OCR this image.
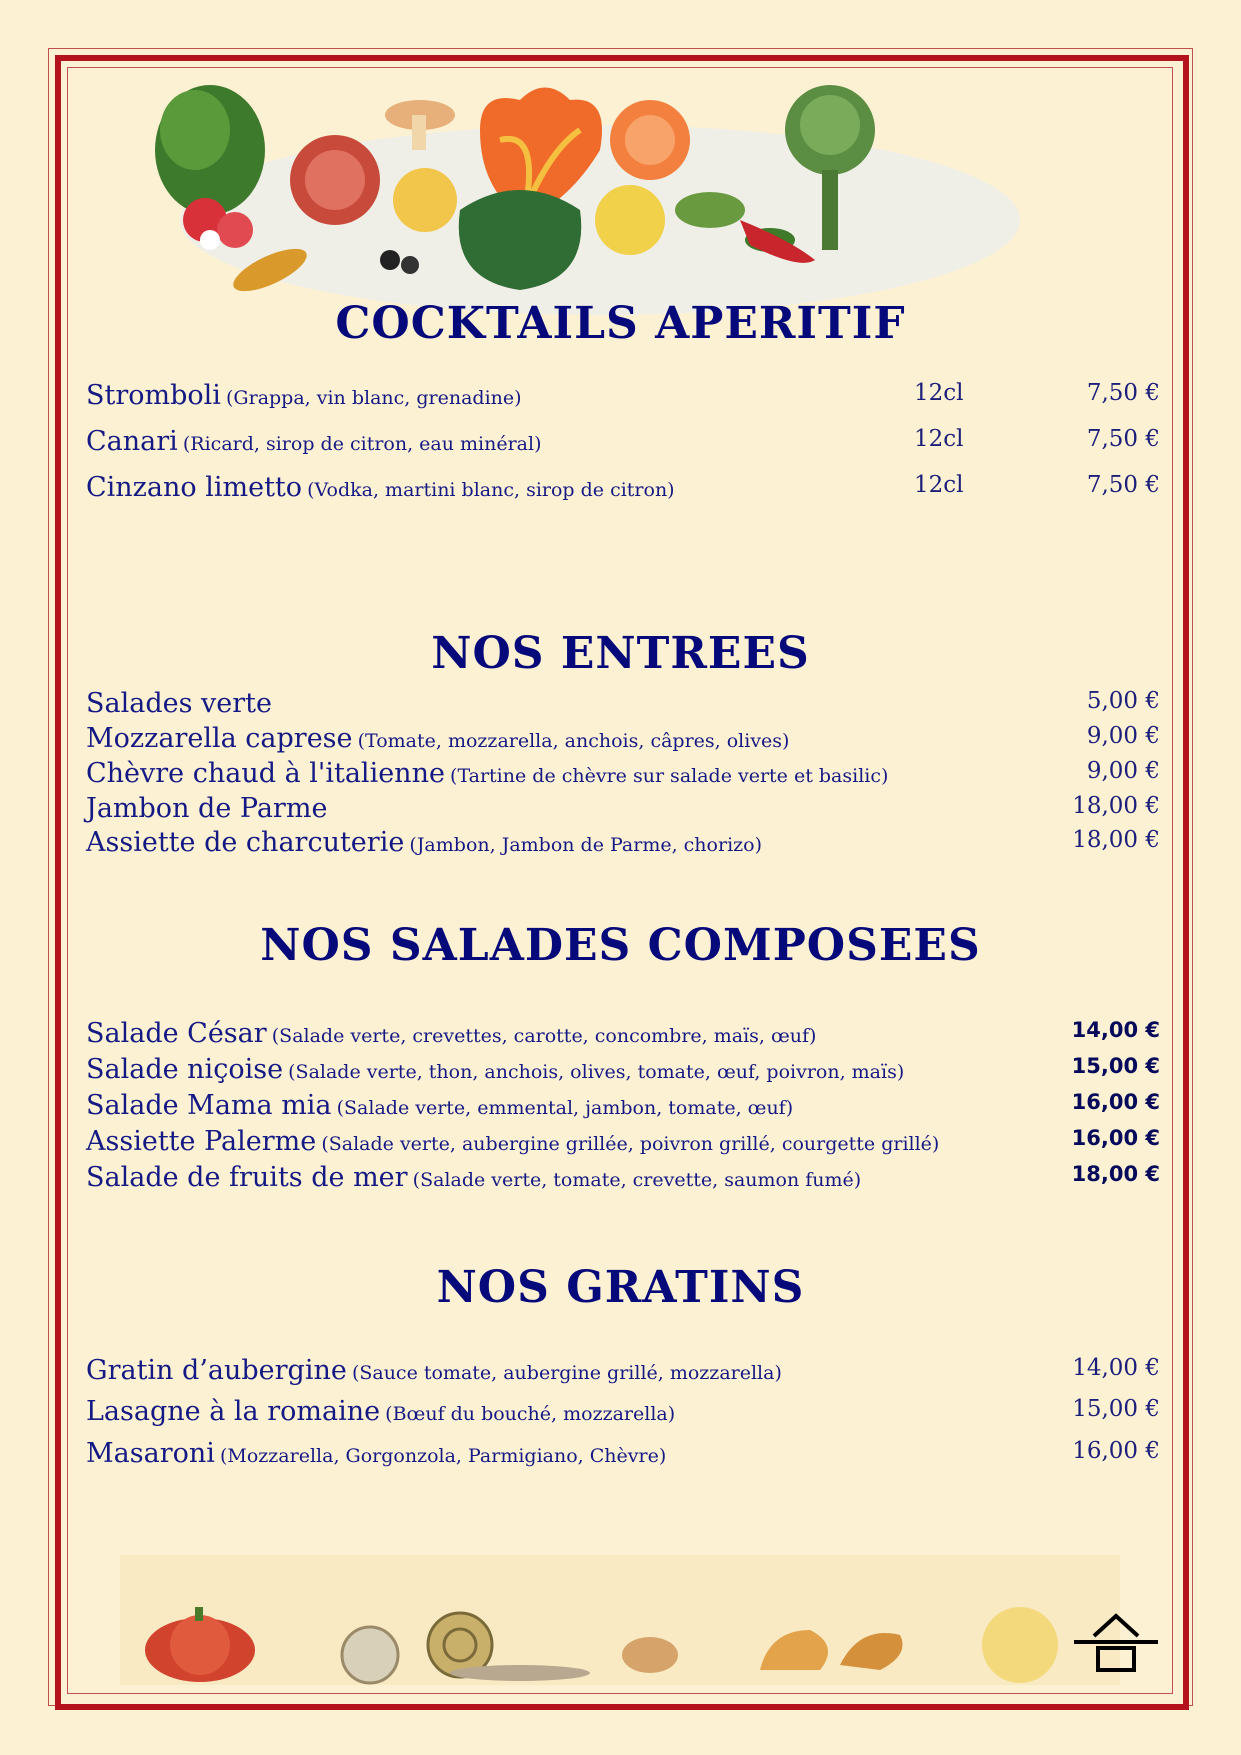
COCKTAILS APERITIF
Stromboli (Grappa, vin blanc, grenadine)	12cl	7,50 €
Canari (Ricard, sirop de citron, eau minéral)	12cl	7,50 €
Cinzano limetto (Vodka, martini blanc, sirop de citron)	12cl	7,50 €
NOS ENTREES
Salades verte	5,00 €
Mozzarella caprese (Tomate, mozzarella, anchois, câpres, olives)	9,00 €
Chèvre chaud à l'italienne (Tartine de chèvre sur salade verte et basilic)	9,00 €
Jambon de Parme	18,00 €
Assiette de charcuterie (Jambon, Jambon de Parme, chorizo)	18,00 €
NOS SALADES COMPOSEES
Salade César (Salade verte, crevettes, carotte, concombre, maïs, œuf)	14,00 €
Salade niçoise (Salade verte, thon, anchois, olives, tomate, œuf, poivron, maïs)	15,00 €
Salade Mama mia (Salade verte, emmental, jambon, tomate, œuf)	16,00 €
Assiette Palerme (Salade verte, aubergine grillée, poivron grillé, courgette grillé)	16,00 €
Salade de fruits de mer (Salade verte, tomate, crevette, saumon fumé)	18,00 €
NOS GRATINS
Gratin d’aubergine (Sauce tomate, aubergine grillé, mozzarella)	14,00 €
Lasagne à la romaine (Bœuf du bouché, mozzarella)	15,00 €
Masaroni (Mozzarella, Gorgonzola, Parmigiano, Chèvre)	16,00 €
